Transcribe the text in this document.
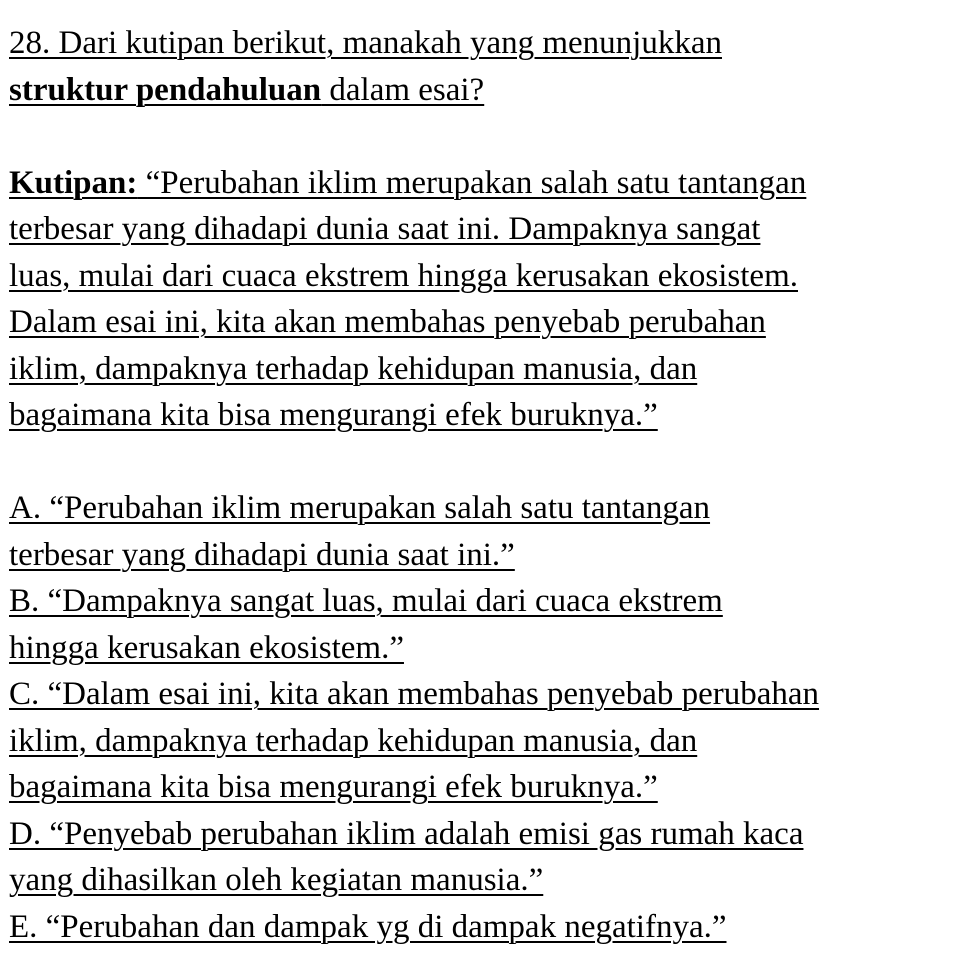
28. Dari kutipan berikut, manakah yang menunjukkan
struktur pendahuluan dalam esai?
Kutipan: “Perubahan iklim merupakan salah satu tantangan
terbesar yang dihadapi dunia saat ini. Dampaknya sangat
luas, mulai dari cuaca ekstrem hingga kerusakan ekosistem.
Dalam esai ini, kita akan membahas penyebab perubahan
iklim, dampaknya terhadap kehidupan manusia, dan
bagaimana kita bisa mengurangi efek buruknya.”
A. “Perubahan iklim merupakan salah satu tantangan
terbesar yang dihadapi dunia saat ini.”
B. “Dampaknya sangat luas, mulai dari cuaca ekstrem
hingga kerusakan ekosistem.”
C. “Dalam esai ini, kita akan membahas penyebab perubahan
iklim, dampaknya terhadap kehidupan manusia, dan
bagaimana kita bisa mengurangi efek buruknya.”
D. “Penyebab perubahan iklim adalah emisi gas rumah kaca
yang dihasilkan oleh kegiatan manusia.”
E. “Perubahan dan dampak yg di dampak negatifnya.”
